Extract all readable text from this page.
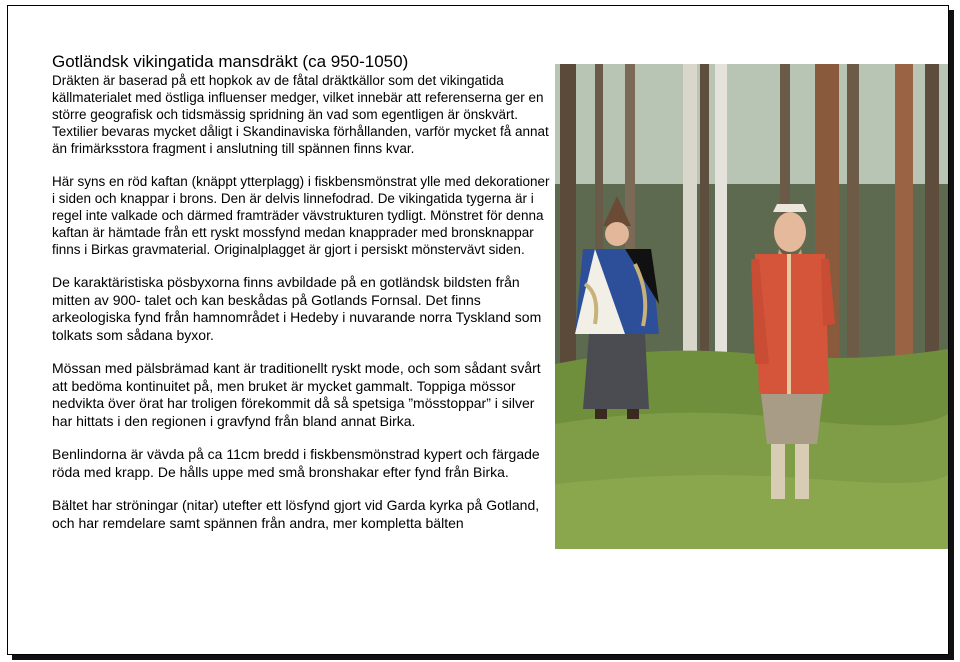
Gotländsk vikingatida mansdräkt (ca 950-1050)

Dräkten är baserad på ett hopkok av de fåtal dräktkällor som det vikingatida källmaterialet med östliga influenser medger, vilket innebär att referenserna ger en större geografisk och tidsmässig spridning än vad som egentligen är önskvärt. Textilier bevaras mycket dåligt i Skandinaviska förhållanden, varför mycket få annat än frimärksstora fragment i anslutning till spännen finns kvar.

Här syns en röd kaftan (knäppt ytterplagg) i fiskbensmönstrat ylle med dekorationer i siden och knappar i brons. Den är delvis linnefodrad. De vikingatida tygerna är i regel inte valkade och därmed framträder vävstrukturen tydligt. Mönstret för denna kaftan är hämtade från ett ryskt mossfynd medan knapprader med bronsknappar finns i Birkas gravmaterial. Originalplagget är gjort i persiskt mönstervävt siden.

De karaktäristiska pösbyxorna finns avbildade på en gotländsk bildsten från mitten av 900- talet och kan beskådas på Gotlands Fornsal. Det finns arkeologiska fynd från hamnområdet i Hedeby i nuvarande norra Tyskland som tolkats som sådana byxor.

Mössan med pälsbrämad kant är traditionellt ryskt mode, och som sådant svårt att bedöma kontinuitet på, men bruket är mycket gammalt. Toppiga mössor nedvikta över örat har troligen förekommit då så spetsiga ”mösstoppar” i silver har hittats i den regionen i gravfynd från bland annat Birka.

Benlindorna är vävda på ca 11cm bredd i fiskbensmönstrad kypert och färgade röda med krapp. De hålls uppe med små bronshakar efter fynd från Birka.

Bältet har ströningar (nitar) utefter ett lösfynd gjort vid Garda kyrka på Gotland, och har remdelare samt spännen från andra, mer kompletta bälten
